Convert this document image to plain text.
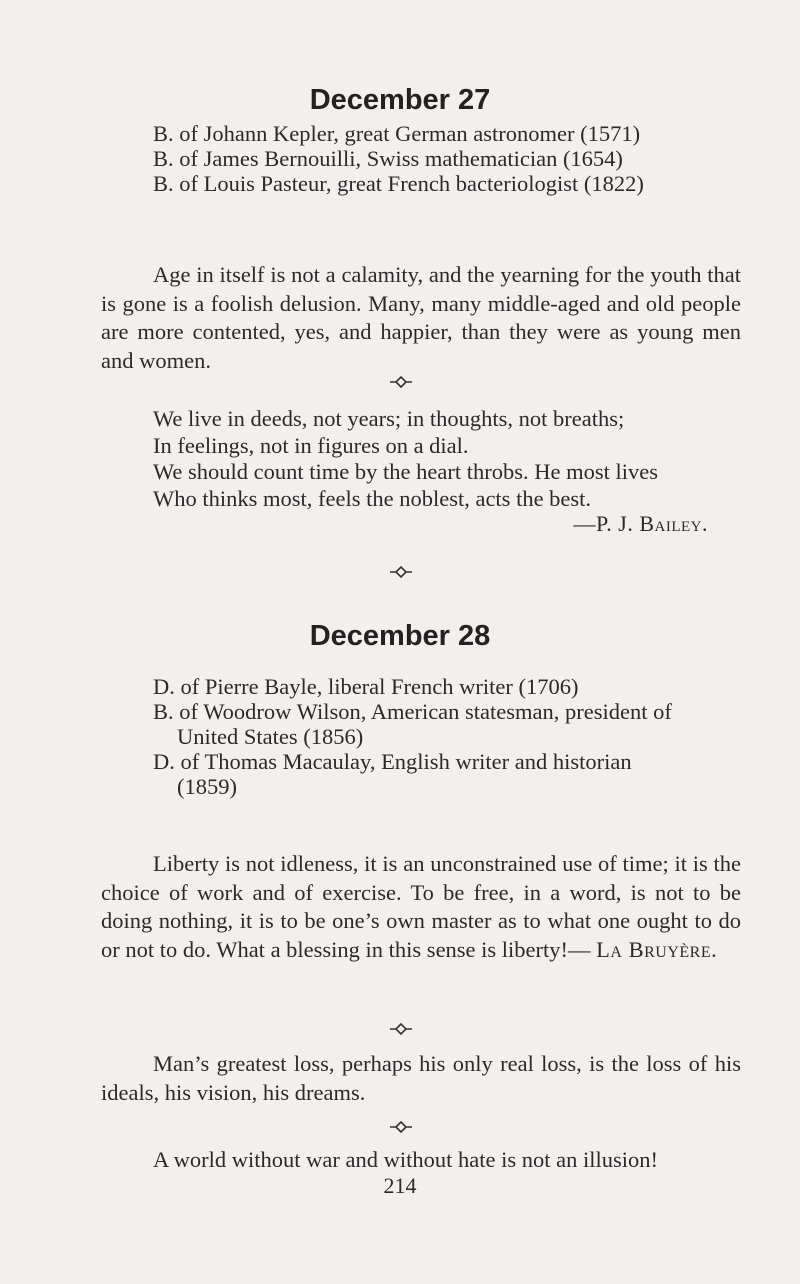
December 27

B. of Johann Kepler, great German astronomer (1571)

B. of James Bernouilli, Swiss mathematician (1654)

B. of Louis Pasteur, great French bacteriologist (1822)

Age in itself is not a calamity, and the yearning for the youth that is gone is a foolish delusion. Many, many middle-aged and old people are more contented, yes, and happier, than they were as young men and women.

We live in deeds, not years; in thoughts, not breaths;
In feelings, not in figures on a dial.
We should count time by the heart throbs. He most lives
Who thinks most, feels the noblest, acts the best.
—P. J. Bailey.
December 28

D. of Pierre Bayle, liberal French writer (1706)

B. of Woodrow Wilson, American statesman, president of
United States (1856)

D. of Thomas Macaulay, English writer and historian
(1859)

Liberty is not idleness, it is an unconstrained use of time; it is the choice of work and of exercise. To be free, in a word, is not to be doing nothing, it is to be one’s own master as to what one ought to do or not to do. What a blessing in this sense is liberty!— La Bruyère.

Man’s greatest loss, perhaps his only real loss, is the loss of his ideals, his vision, his dreams.

A world without war and without hate is not an illusion!

214
